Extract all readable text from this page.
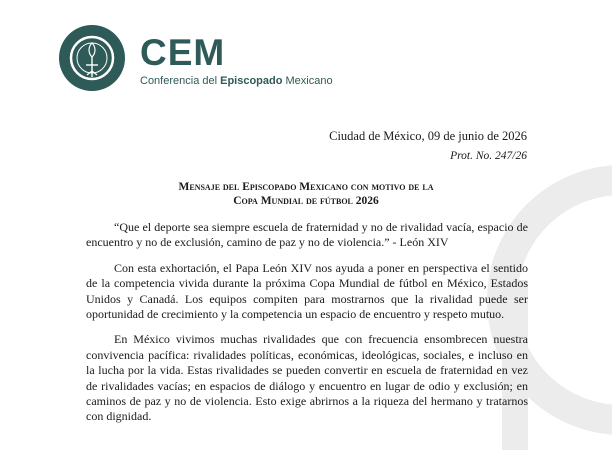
CEM
Conferencia del Episcopado Mexicano
Ciudad de México, 09 de junio de 2026
Prot. No. 247/26
Mensaje del Episcopado Mexicano con motivo de la
Copa Mundial de fútbol 2026

“Que el deporte sea siempre escuela de fraternidad y no de rivalidad vacía, espacio de encuentro y no de exclusión, camino de paz y no de violencia.” - León XIV

Con esta exhortación, el Papa León XIV nos ayuda a poner en perspectiva el sentido de la competencia vivida durante la próxima Copa Mundial de fútbol en México, Estados Unidos y Canadá. Los equipos compiten para mostrarnos que la rivalidad puede ser oportunidad de crecimiento y la competencia un espacio de encuentro y respeto mutuo.

En México vivimos muchas rivalidades que con frecuencia ensombrecen nuestra convivencia pacífica: rivalidades políticas, económicas, ideológicas, sociales, e incluso en la lucha por la vida. Estas rivalidades se pueden convertir en escuela de fraternidad en vez de rivalidades vacías; en espacios de diálogo y encuentro en lugar de odio y exclusión; en caminos de paz y no de violencia. Esto exige abrirnos a la riqueza del hermano y tratarnos con dignidad.
